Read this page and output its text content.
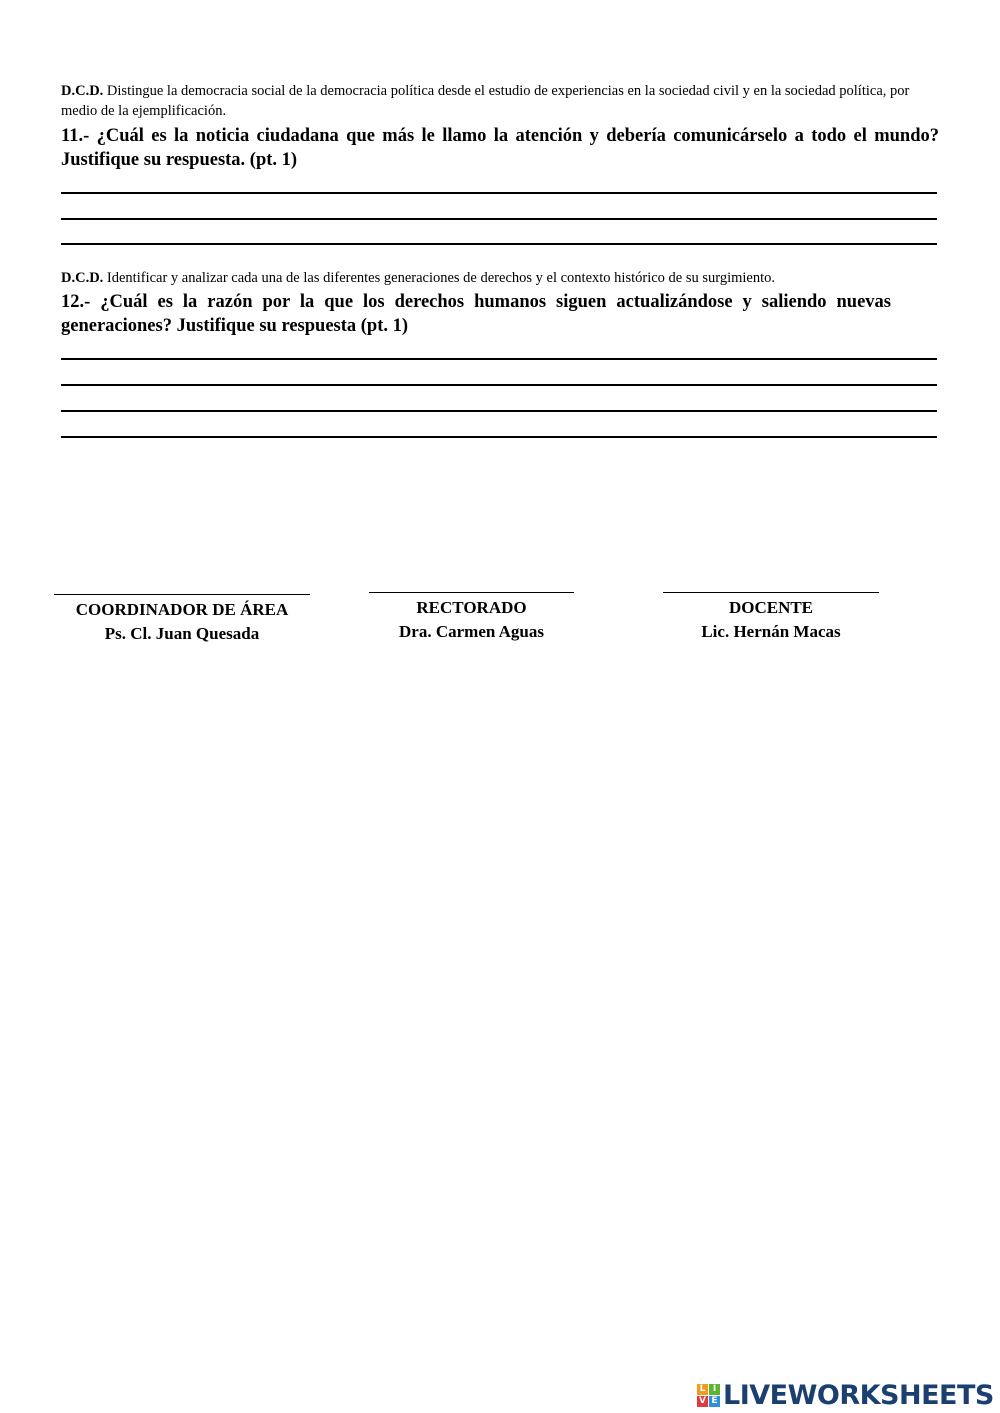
D.C.D. Distingue la democracia social de la democracia política desde el estudio de experiencias en la sociedad civil y en la sociedad política, por medio de la ejemplificación.
11.- ¿Cuál es la noticia ciudadana que más le llamo la atención y debería comunicárselo a todo el mundo? Justifique su respuesta. (pt. 1)
D.C.D. Identificar y analizar cada una de las diferentes generaciones de derechos y el contexto histórico de su surgimiento.
12.- ¿Cuál es la razón por la que los derechos humanos siguen actualizándose y saliendo nuevas generaciones? Justifique su respuesta (pt. 1)
COORDINADOR DE ÁREA
Ps. Cl. Juan Quesada
RECTORADO
Dra. Carmen Aguas
DOCENTE
Lic. Hernán Macas
L I
V E LIVEWORKSHEETS
